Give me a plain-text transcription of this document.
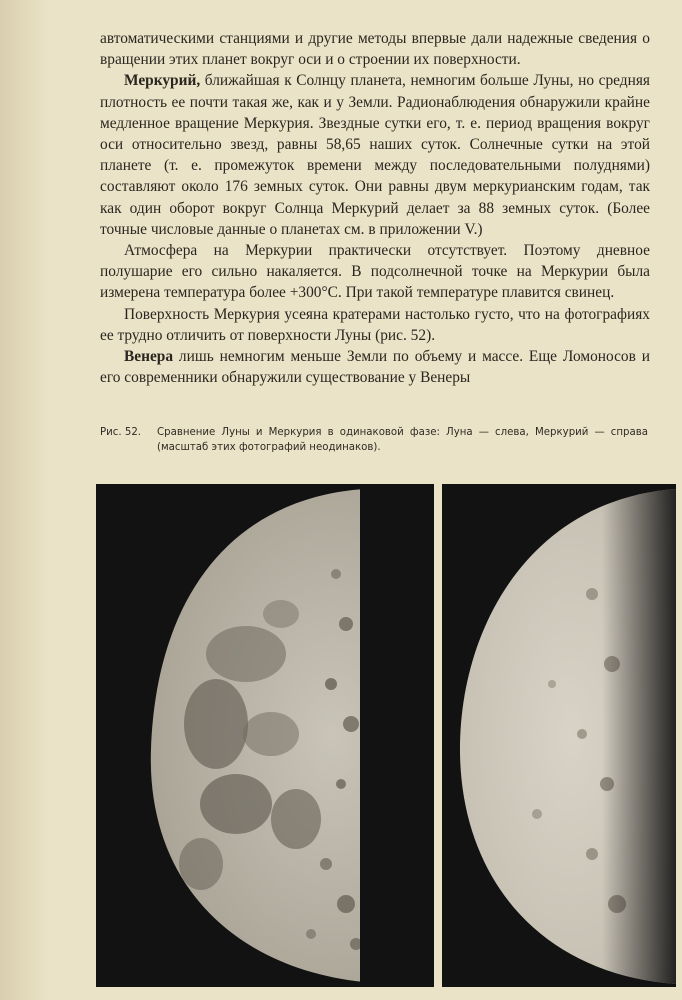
автоматическими станциями и другие методы впервые дали надежные сведения о вращении этих планет вокруг оси и о строении их поверхности.

Меркурий, ближайшая к Солнцу планета, немногим больше Луны, но средняя плотность ее почти такая же, как и у Земли. Радионаблюдения обнаружили крайне медленное вращение Меркурия. Звездные сутки его, т. е. период вращения вокруг оси относительно звезд, равны 58,65 наших суток. Солнечные сутки на этой планете (т. е. промежуток времени между последовательными полуднями) составляют около 176 земных суток. Они равны двум меркурианским годам, так как один оборот вокруг Солнца Меркурий делает за 88 земных суток. (Более точные числовые данные о планетах см. в приложении V.)

Атмосфера на Меркурии практически отсутствует. Поэтому дневное полушарие его сильно накаляется. В подсолнечной точке на Меркурии была измерена температура более +300°С. При такой температуре плавится свинец.

Поверхность Меркурия усеяна кратерами настолько густо, что на фотографиях ее трудно отличить от поверхности Луны (рис. 52).

Венера лишь немногим меньше Земли по объему и массе. Еще Ломоносов и его современники обнаружили существование у Венеры

Рис. 52. Сравнение Луны и Меркурия в одинаковой фазе: Луна — слева, Меркурий — справа (масштаб этих фотографий неодинаков).
